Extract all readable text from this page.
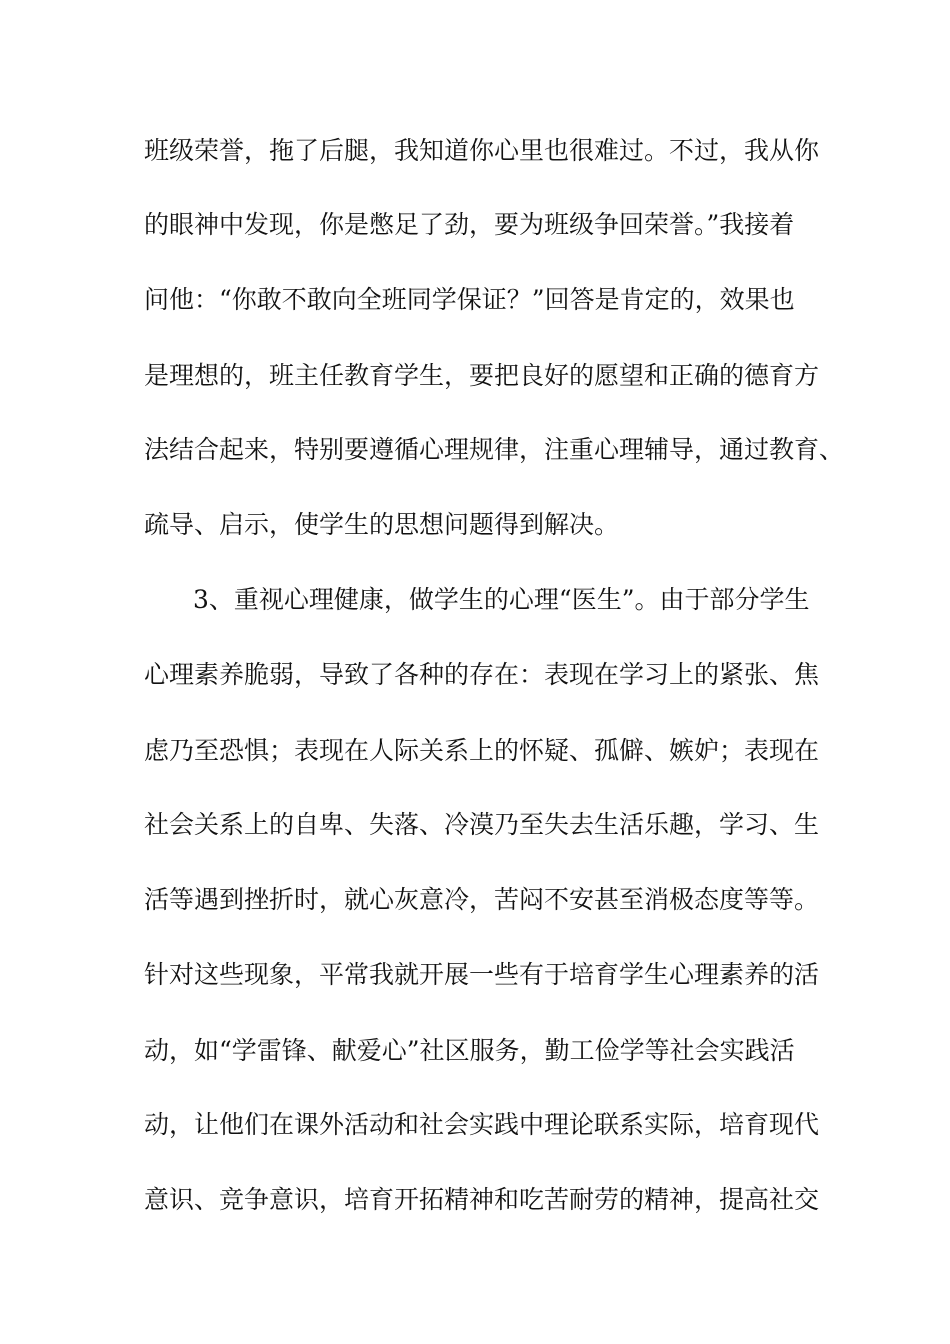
班级荣誉，拖了后腿，我知道你心里也很难过。不过，我从你

的眼神中发现，你是憋足了劲，要为班级争回荣誉。”我接着

问他：“你敢不敢向全班同学保证？”回答是肯定的，效果也

是理想的，班主任教育学生，要把良好的愿望和正确的德育方

法结合起来，特别要遵循心理规律，注重心理辅导，通过教育、

疏导、启示，使学生的思想问题得到解决。

3、重视心理健康，做学生的心理“医生”。由于部分学生

心理素养脆弱，导致了各种的存在：表现在学习上的紧张、焦

虑乃至恐惧；表现在人际关系上的怀疑、孤僻、嫉妒；表现在

社会关系上的自卑、失落、冷漠乃至失去生活乐趣，学习、生

活等遇到挫折时，就心灰意冷，苦闷不安甚至消极态度等等。

针对这些现象，平常我就开展一些有于培育学生心理素养的活

动，如“学雷锋、献爱心”社区服务，勤工俭学等社会实践活

动，让他们在课外活动和社会实践中理论联系实际，培育现代

意识、竞争意识，培育开拓精神和吃苦耐劳的精神，提高社交
